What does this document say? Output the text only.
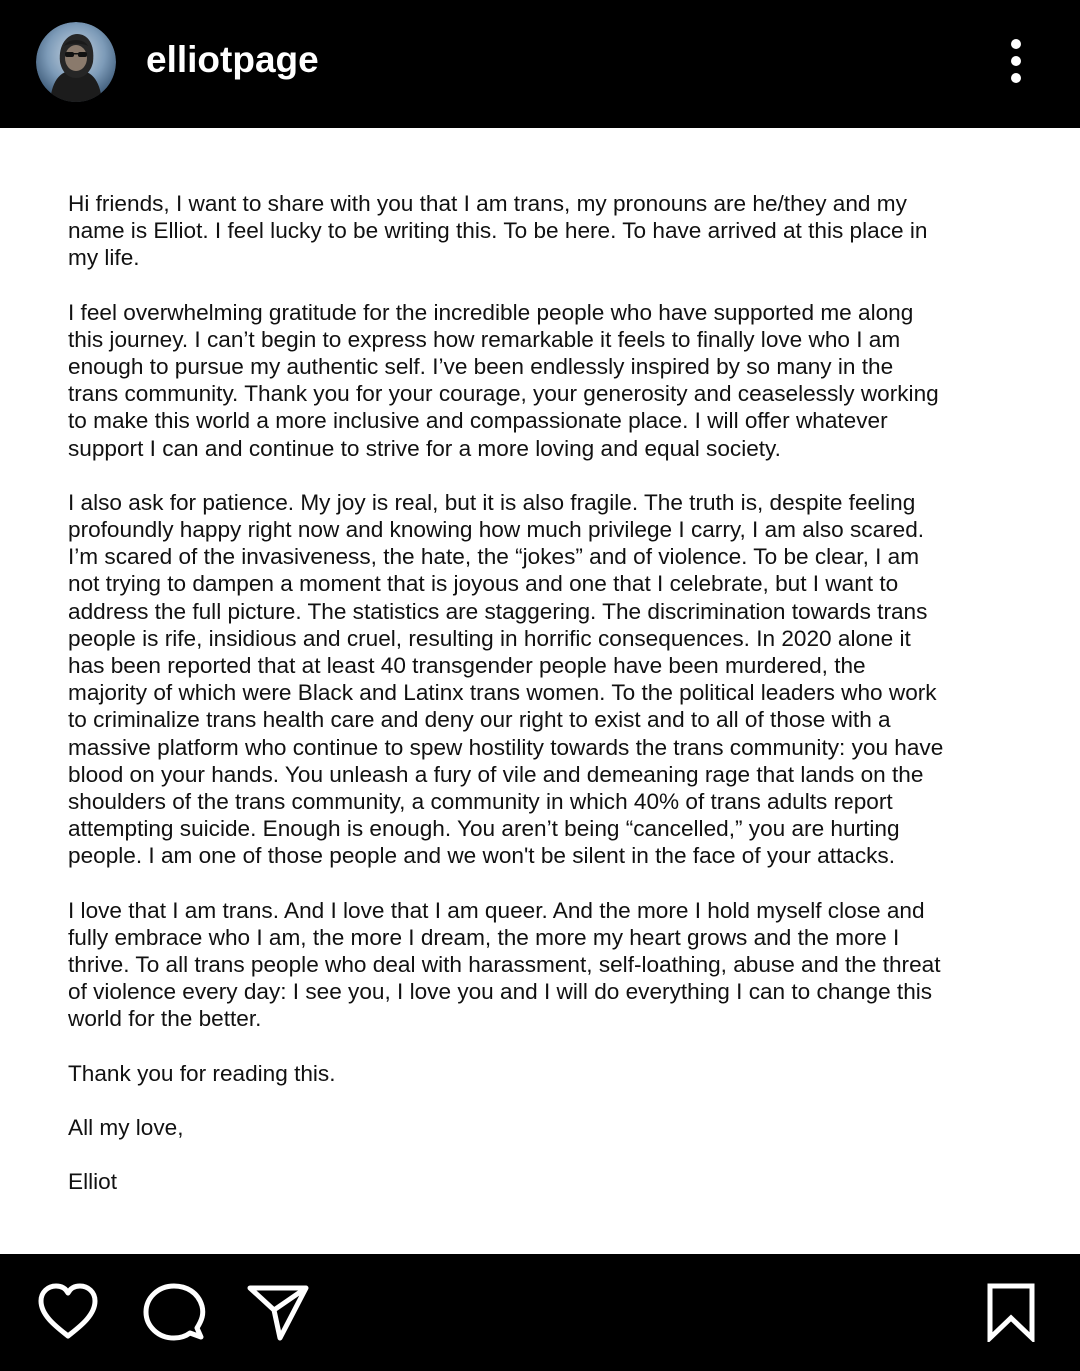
elliotpage

Hi friends, I want to share with you that I am trans, my pronouns are he/they and my
name is Elliot. I feel lucky to be writing this. To be here. To have arrived at this place in
my life.

I feel overwhelming gratitude for the incredible people who have supported me along
this journey. I can’t begin to express how remarkable it feels to finally love who I am
enough to pursue my authentic self. I’ve been endlessly inspired by so many in the
trans community. Thank you for your courage, your generosity and ceaselessly working
to make this world a more inclusive and compassionate place. I will offer whatever
support I can and continue to strive for a more loving and equal society.

I also ask for patience. My joy is real, but it is also fragile. The truth is, despite feeling
profoundly happy right now and knowing how much privilege I carry, I am also scared.
I’m scared of the invasiveness, the hate, the “jokes” and of violence. To be clear, I am
not trying to dampen a moment that is joyous and one that I celebrate, but I want to
address the full picture. The statistics are staggering. The discrimination towards trans
people is rife, insidious and cruel, resulting in horrific consequences. In 2020 alone it
has been reported that at least 40 transgender people have been murdered, the
majority of which were Black and Latinx trans women. To the political leaders who work
to criminalize trans health care and deny our right to exist and to all of those with a
massive platform who continue to spew hostility towards the trans community: you have
blood on your hands. You unleash a fury of vile and demeaning rage that lands on the
shoulders of the trans community, a community in which 40% of trans adults report
attempting suicide. Enough is enough. You aren’t being “cancelled,” you are hurting
people. I am one of those people and we won't be silent in the face of your attacks.

I love that I am trans. And I love that I am queer. And the more I hold myself close and
fully embrace who I am, the more I dream, the more my heart grows and the more I
thrive. To all trans people who deal with harassment, self-loathing, abuse and the threat
of violence every day: I see you, I love you and I will do everything I can to change this
world for the better.

Thank you for reading this.

All my love,

Elliot
